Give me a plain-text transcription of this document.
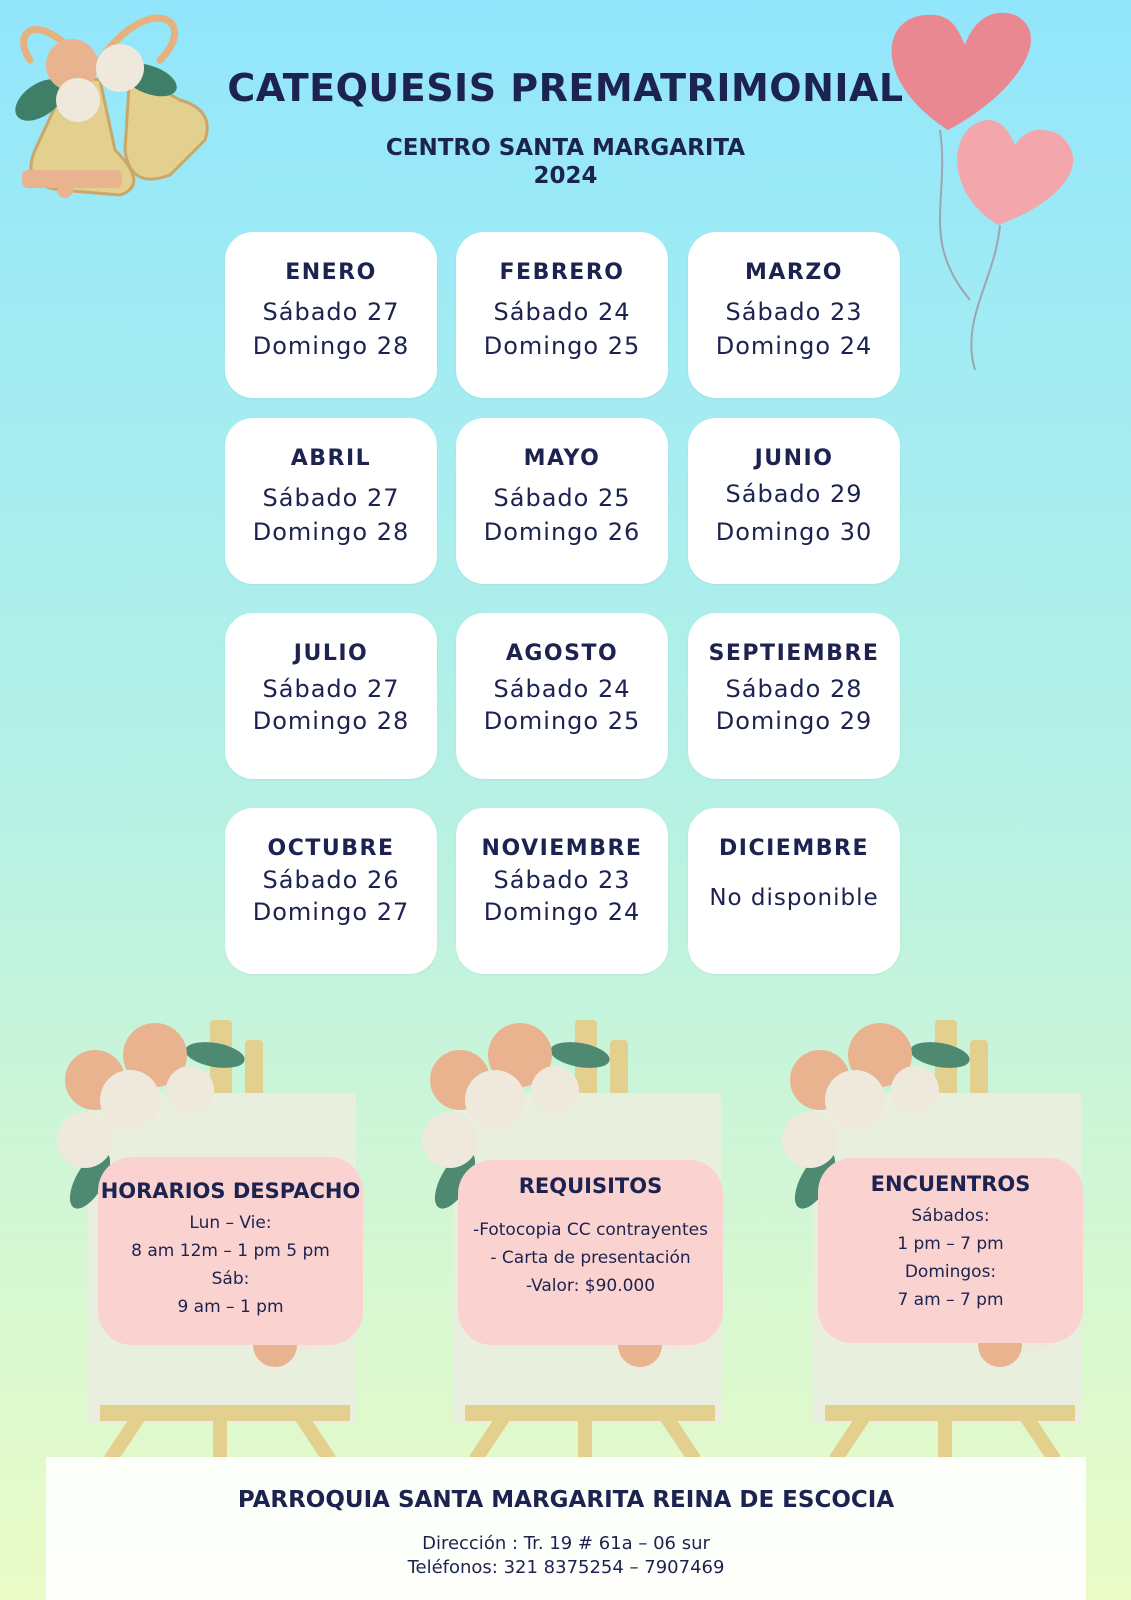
CATEQUESIS PREMATRIMONIAL
CENTRO SANTA MARGARITA
2024
ENERO
Sábado 27
Domingo 28
FEBRERO
Sábado 24
Domingo 25
MARZO
Sábado 23
Domingo 24
ABRIL
Sábado 27
Domingo 28
MAYO
Sábado 25
Domingo 26
JUNIO
Sábado 29
Domingo 30
JULIO
Sábado 27
Domingo 28
AGOSTO
Sábado 24
Domingo 25
SEPTIEMBRE
Sábado 28
Domingo 29
OCTUBRE
Sábado 26
Domingo 27
NOVIEMBRE
Sábado 23
Domingo 24
DICIEMBRE
No disponible
HORARIOS DESPACHO
Lun – Vie:
8 am 12m – 1 pm 5 pm
Sáb:
9 am – 1 pm
REQUISITOS
-Fotocopia CC contrayentes
- Carta de presentación
-Valor: $90.000
ENCUENTROS
Sábados:
1 pm – 7 pm
Domingos:
7 am – 7 pm
PARROQUIA SANTA MARGARITA REINA DE ESCOCIA
Dirección : Tr. 19 # 61a – 06 sur
Teléfonos: 321 8375254 – 7907469
